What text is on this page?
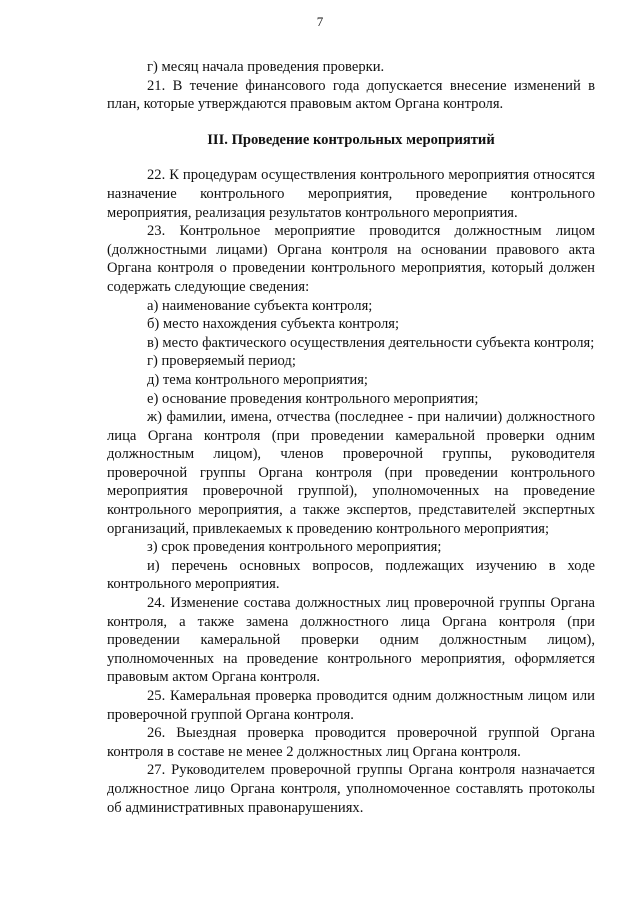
7

г) месяц начала проведения проверки.

21. В течение финансового года допускается внесение изменений в план, которые утверждаются правовым актом Органа контроля.

III. Проведение контрольных мероприятий

22. К процедурам осуществления контрольного мероприятия относятся назначение контрольного мероприятия, проведение контрольного мероприятия, реализация результатов контрольного мероприятия.

23. Контрольное мероприятие проводится должностным лицом (должностными лицами) Органа контроля на основании правового акта Органа контроля о проведении контрольного мероприятия, который должен содержать следующие сведения:

а) наименование субъекта контроля;

б) место нахождения субъекта контроля;

в) место фактического осуществления деятельности субъекта контроля;

г) проверяемый период;

д) тема контрольного мероприятия;

е) основание проведения контрольного мероприятия;

ж) фамилии, имена, отчества (последнее - при наличии) должностного лица Органа контроля (при проведении камеральной проверки одним должностным лицом), членов проверочной группы, руководителя проверочной группы Органа контроля (при проведении контрольного мероприятия проверочной группой), уполномоченных на проведение контрольного мероприятия, а также экспертов, представителей экспертных организаций, привлекаемых к проведению контрольного мероприятия;

з) срок проведения контрольного мероприятия;

и) перечень основных вопросов, подлежащих изучению в ходе контрольного мероприятия.

24. Изменение состава должностных лиц проверочной группы Органа контроля, а также замена должностного лица Органа контроля (при проведении камеральной проверки одним должностным лицом), уполномоченных на проведение контрольного мероприятия, оформляется правовым актом Органа контроля.

25. Камеральная проверка проводится одним должностным лицом или проверочной группой Органа контроля.

26. Выездная проверка проводится проверочной группой Органа контроля в составе не менее 2 должностных лиц Органа контроля.

27. Руководителем проверочной группы Органа контроля назначается должностное лицо Органа контроля, уполномоченное составлять протоколы об административных правонарушениях.
